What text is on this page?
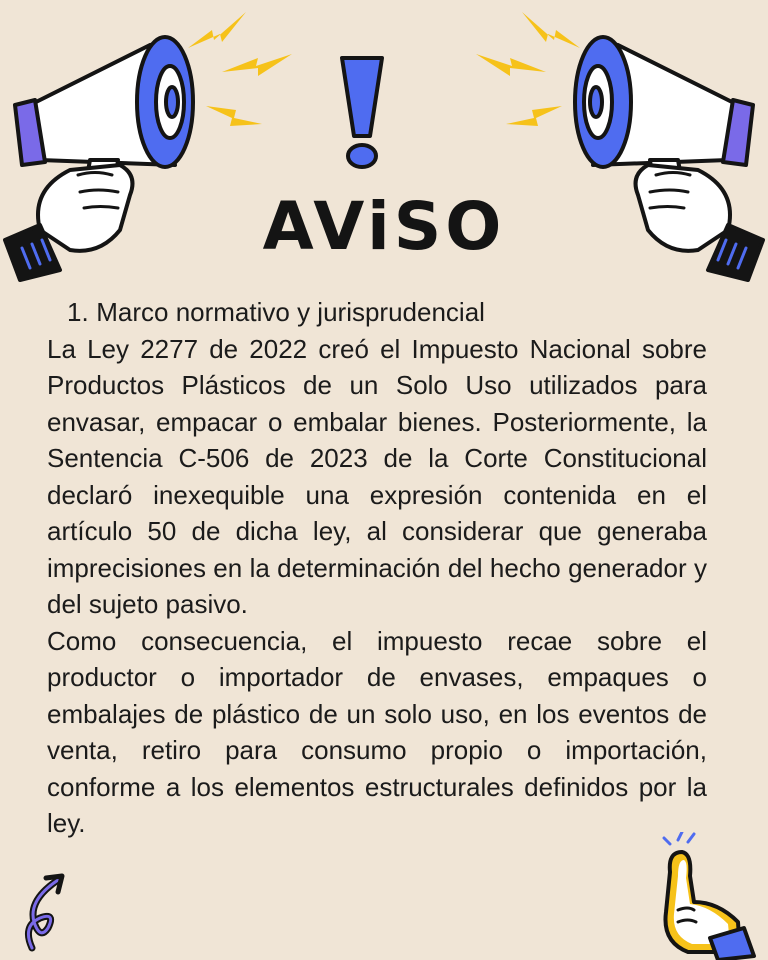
AViSO

1. Marco normativo y jurisprudencial

La Ley 2277 de 2022 creó el Impuesto Nacional sobre Productos Plásticos de un Solo Uso utilizados para envasar, empacar o embalar bienes. Posteriormente, la Sentencia C-506 de 2023 de la Corte Constitucional declaró inexequible una expresión contenida en el artículo 50 de dicha ley, al considerar que generaba imprecisiones en la determinación del hecho generador y del sujeto pasivo.

Como consecuencia, el impuesto recae sobre el productor o importador de envases, empaques o embalajes de plástico de un solo uso, en los eventos de venta, retiro para consumo propio o importación, conforme a los elementos estructurales definidos por la ley.
